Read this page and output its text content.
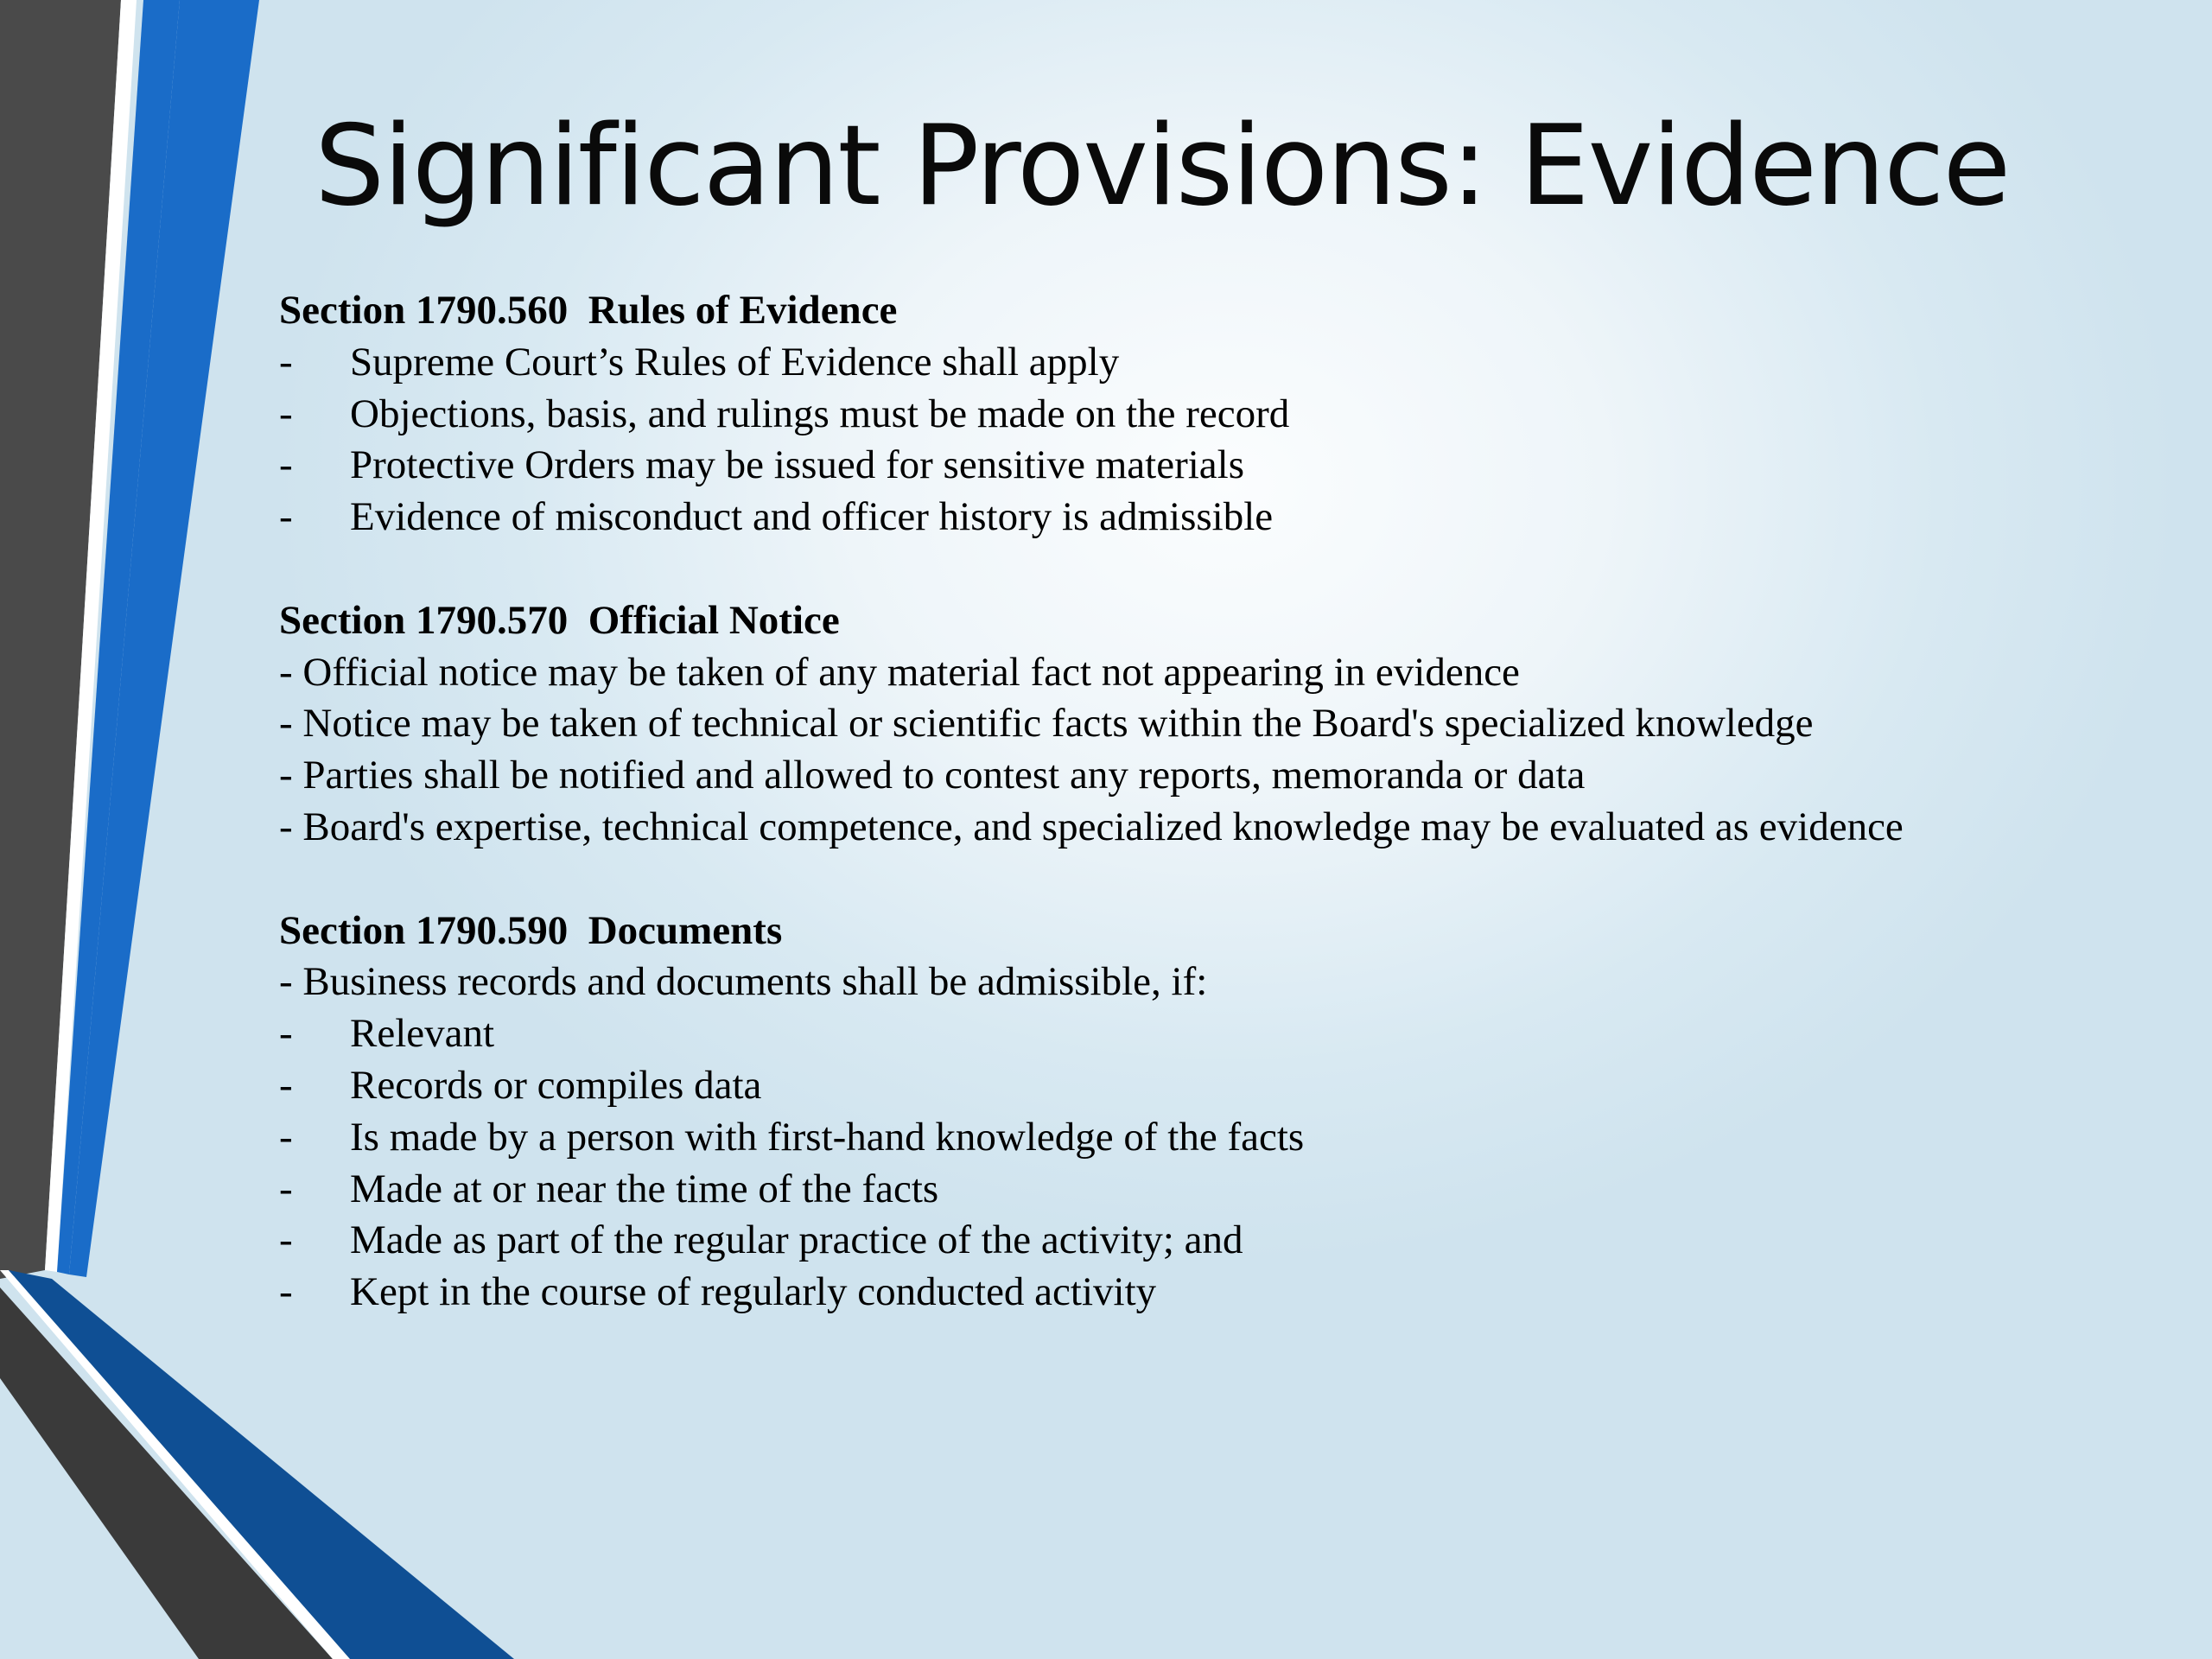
Significant Provisions: Evidence
Section 1790.560  Rules of Evidence
- Supreme Court’s Rules of Evidence shall apply
- Objections, basis, and rulings must be made on the record
- Protective Orders may be issued for sensitive materials
- Evidence of misconduct and officer history is admissible
Section 1790.570  Official Notice
- Official notice may be taken of any material fact not appearing in evidence
- Notice may be taken of technical or scientific facts within the Board's specialized knowledge
- Parties shall be notified and allowed to contest any reports, memoranda or data
- Board's expertise, technical competence, and specialized knowledge may be evaluated as evidence
Section 1790.590  Documents
- Business records and documents shall be admissible, if:
- Relevant
- Records or compiles data
- Is made by a person with first-hand knowledge of the facts
- Made at or near the time of the facts
- Made as part of the regular practice of the activity; and
- Kept in the course of regularly conducted activity
